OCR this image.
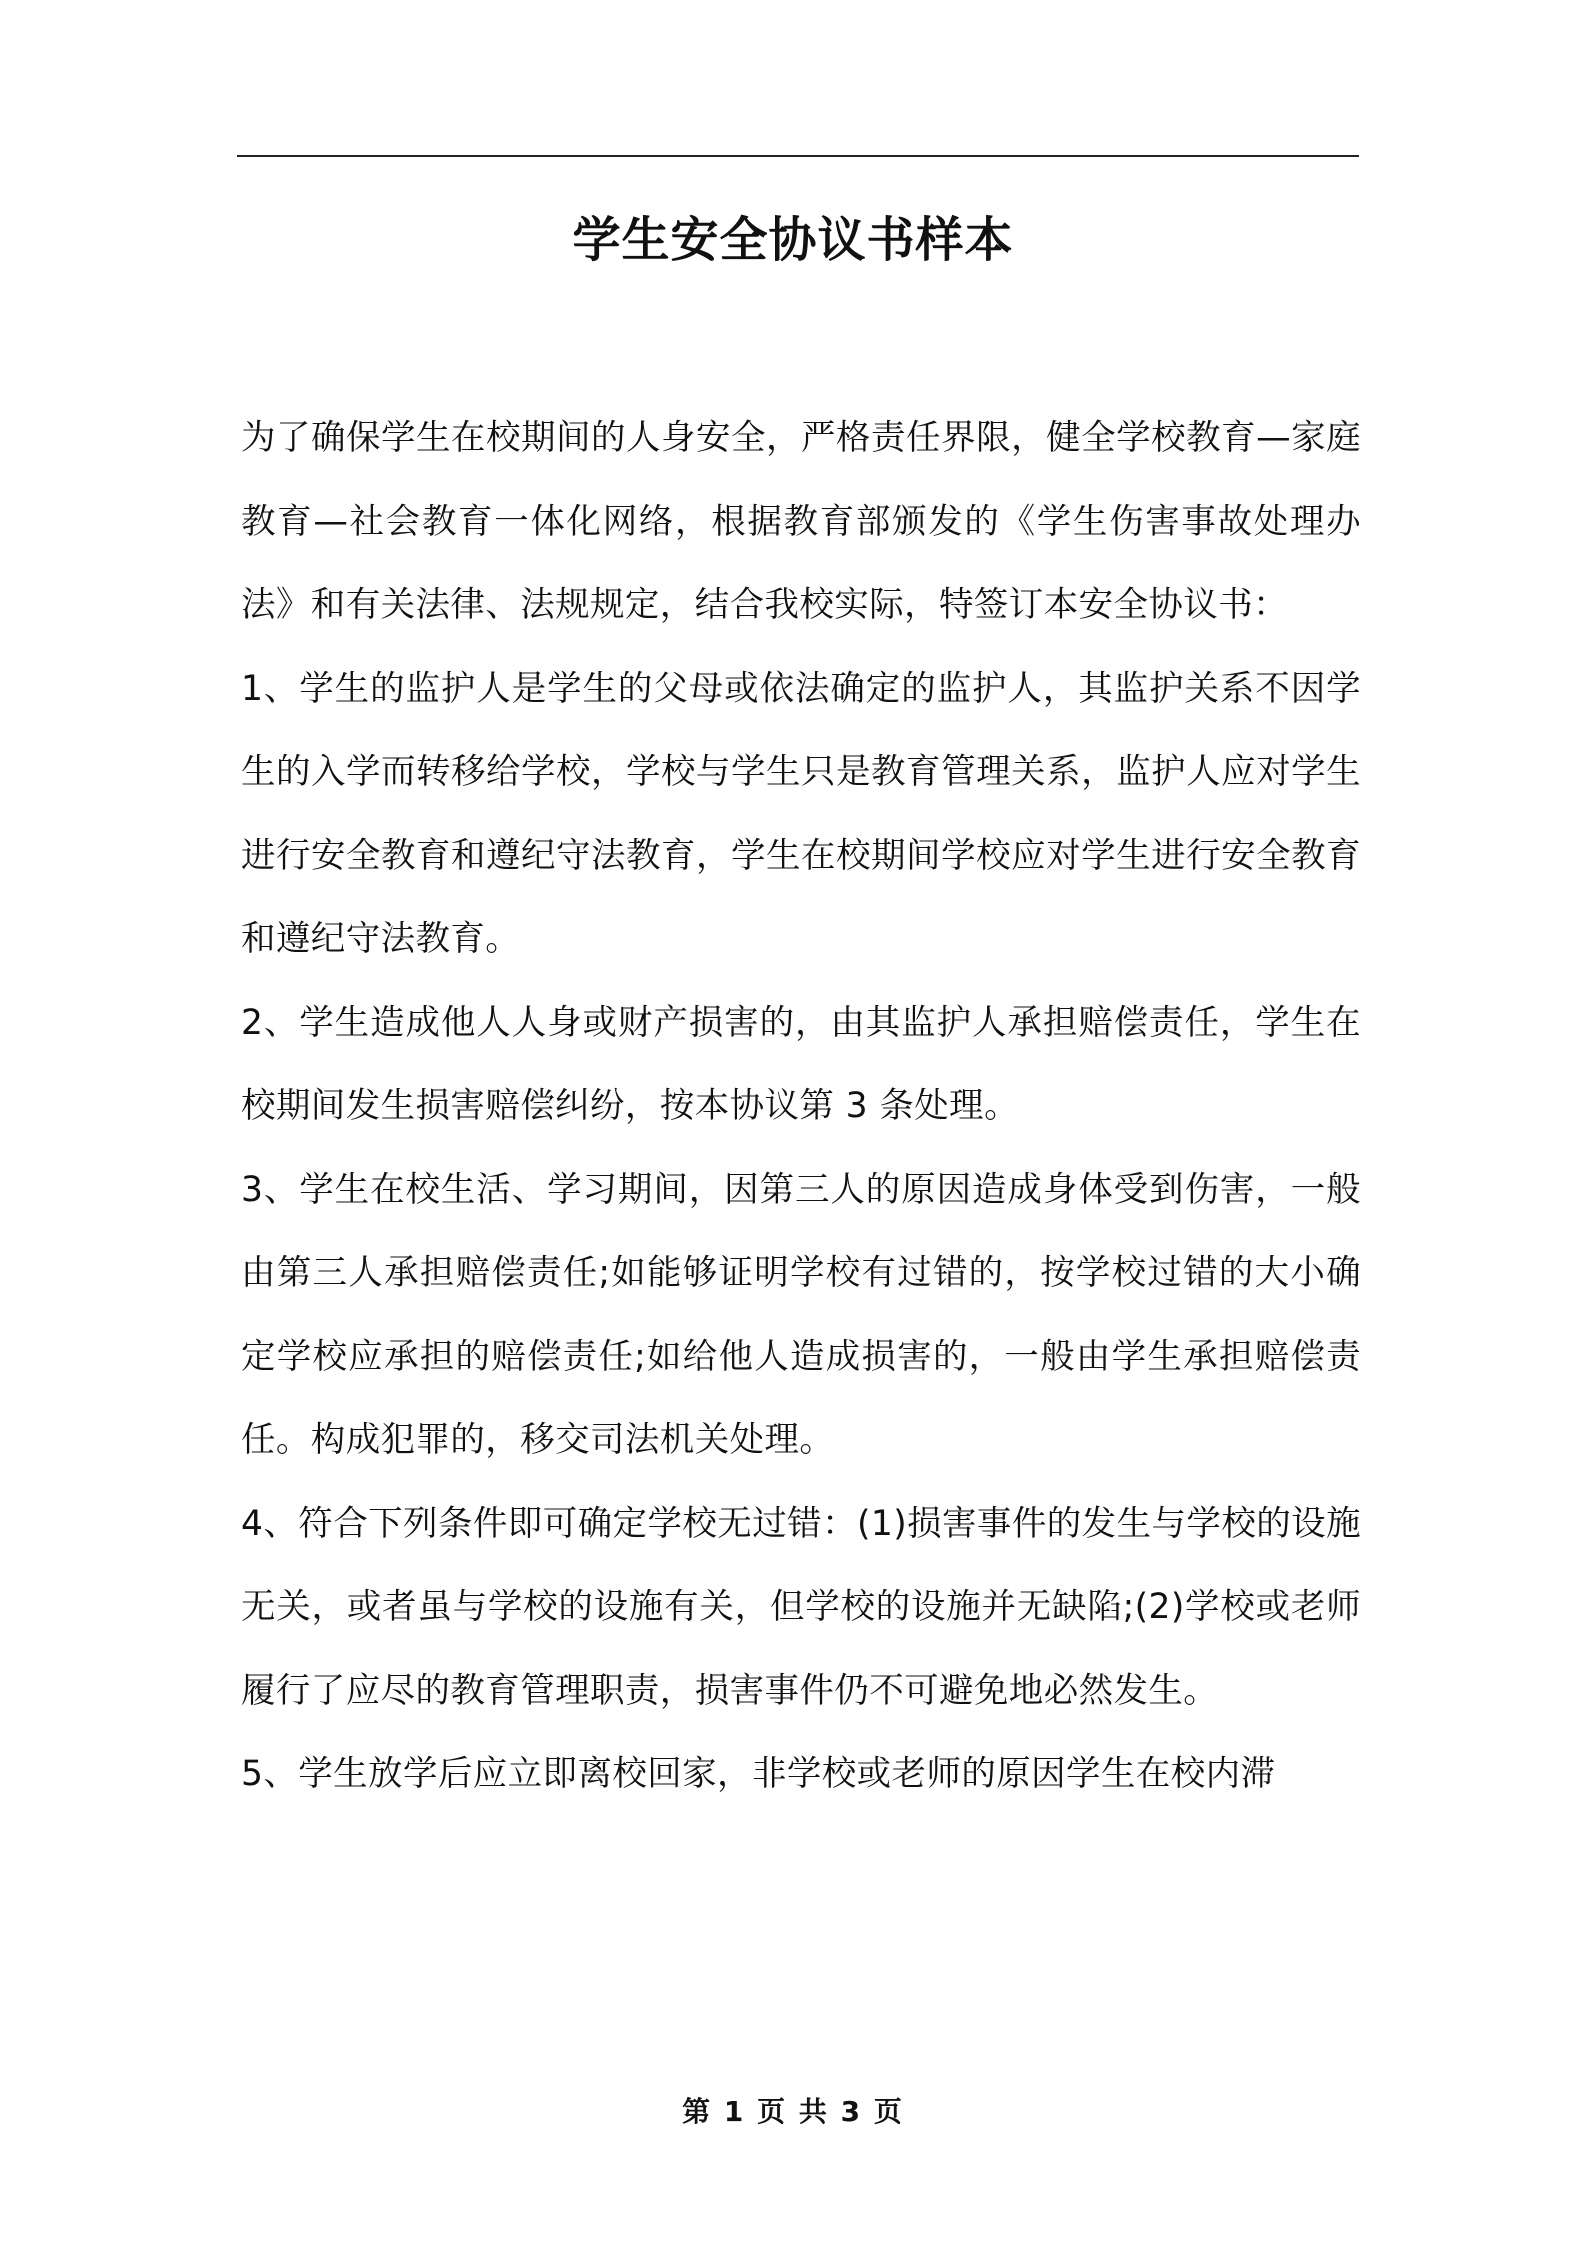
学生安全协议书样本

为了确保学生在校期间的人身安全，严格责任界限，健全学校教育—家庭教育—社会教育一体化网络，根据教育部颁发的《学生伤害事故处理办法》和有关法律、法规规定，结合我校实际，特签订本安全协议书：

1、学生的监护人是学生的父母或依法确定的监护人，其监护关系不因学生的入学而转移给学校，学校与学生只是教育管理关系，监护人应对学生进行安全教育和遵纪守法教育，学生在校期间学校应对学生进行安全教育和遵纪守法教育。

2、学生造成他人人身或财产损害的，由其监护人承担赔偿责任，学生在校期间发生损害赔偿纠纷，按本协议第 3 条处理。

3、学生在校生活、学习期间，因第三人的原因造成身体受到伤害，一般由第三人承担赔偿责任;如能够证明学校有过错的，按学校过错的大小确定学校应承担的赔偿责任;如给他人造成损害的，一般由学生承担赔偿责任。构成犯罪的，移交司法机关处理。

4、符合下列条件即可确定学校无过错：(1)损害事件的发生与学校的设施无关，或者虽与学校的设施有关，但学校的设施并无缺陷;(2)学校或老师履行了应尽的教育管理职责，损害事件仍不可避免地必然发生。

5、学生放学后应立即离校回家，非学校或老师的原因学生在校内滞

第 1 页 共 3 页
